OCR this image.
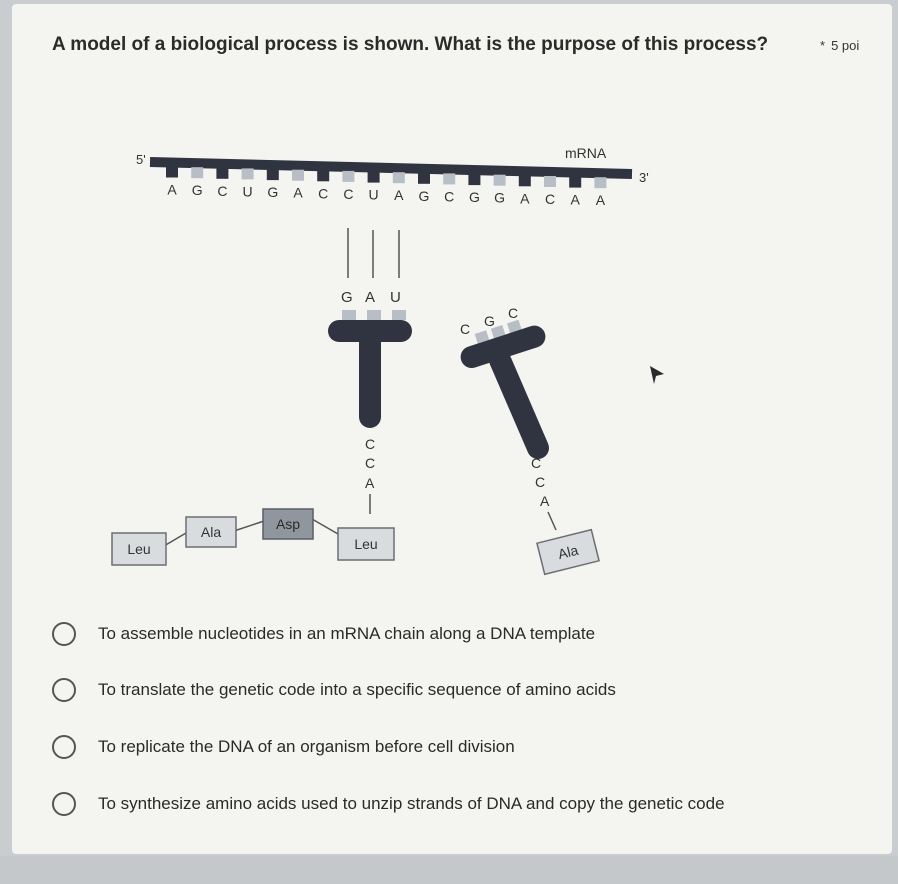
A model of a biological process is shown. What is the purpose of this process?	* 5 poi
A G C U G A C C U A G C G G A C A A
5'
3'
mRNA
G A U
C
C
A
C G C
C
C
A
Leu
Ala	Asp
Leu	Ala
To assemble nucleotides in an mRNA chain along a DNA template
To translate the genetic code into a specific sequence of amino acids
To replicate the DNA of an organism before cell division
To synthesize amino acids used to unzip strands of DNA and copy the genetic code
